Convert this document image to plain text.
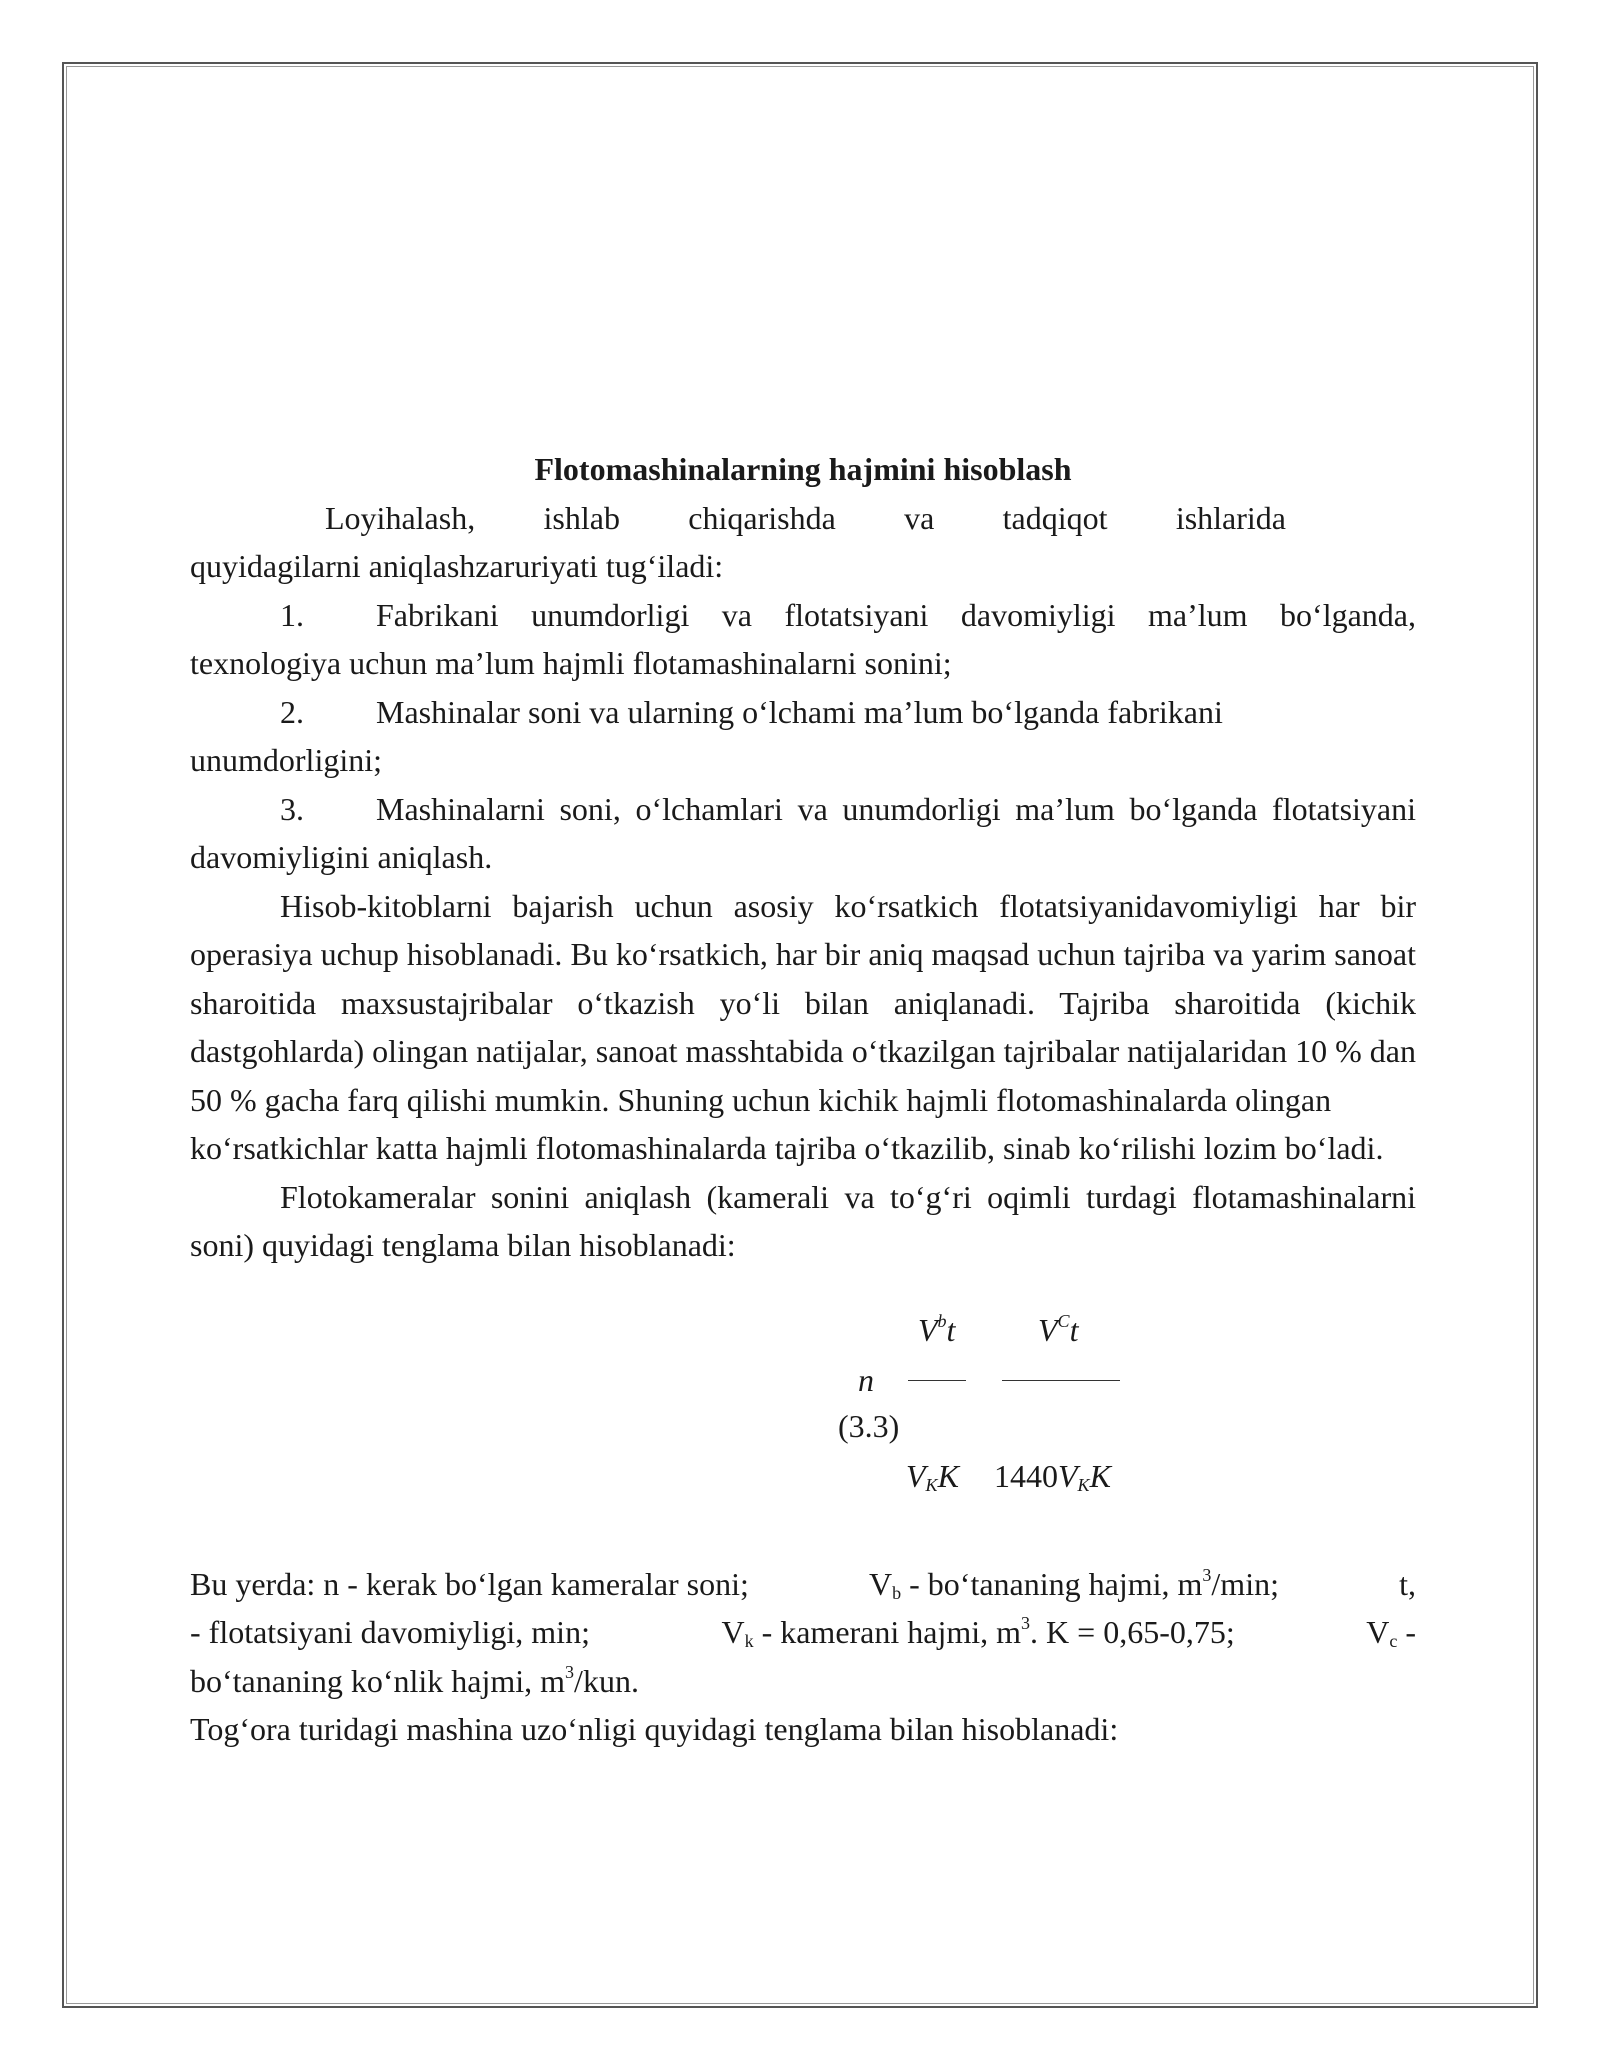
Flotomashinalarning hajmini hisoblash

Loyihalash, ishlab chiqarishda va tadqiqot ishlarida
quyidagilarni aniqlashzaruriyati tug‘iladi:

1. Fabrikani unumdorligi va flotatsiyani davomiyligi ma’lum bo‘lganda, texnologiya uchun ma’lum hajmli flotamashinalarni sonini;

2. Mashinalar soni va ularning o‘lchami ma’lum bo‘lganda fabrikani unumdorligini;

3. Mashinalarni soni, o‘lchamlari va unumdorligi ma’lum bo‘lganda flotatsiyani davomiyligini aniqlash.

Hisob-kitoblarni bajarish uchun asosiy ko‘rsatkich flotatsiyanidavomiyligi har bir operasiya uchup hisoblanadi. Bu ko‘rsatkich, har bir aniq maqsad uchun tajriba va yarim sanoat sharoitida maxsustajribalar o‘tkazish yo‘li bilan aniqlanadi. Tajriba sharoitida (kichik dastgohlarda) olingan natijalar, sanoat masshtabida o‘tkazilgan tajribalar natijalaridan 10 % dan 50 % gacha farq qilishi mumkin. Shuning uchun kichik hajmli flotomashinalarda olingan

ko‘rsatkichlar katta hajmli flotomashinalarda tajriba o‘tkazilib, sinab ko‘rilishi lozim bo‘ladi.

Flotokameralar sonini aniqlash (kamerali va to‘g‘ri oqimli turdagi flotamashinalarni soni) quyidagi tenglama bilan hisoblanadi:

$V^bt$	$V^Ct$
n
(3.3)
$V_KK$ $1440V_KK$

Bu yerda: n - kerak bo‘lgan kameralar soni;	$V_b$ - bo‘tananing hajmi, $m^3/\min$;	t,

- flotatsiyani davomiyligi, min;	$V_k$ - kamerani hajmi, $m^3$. K = 0,65-0,75;	$V_c$ -

bo‘tananing ko‘nlik hajmi, $m^3$/kun.

Tog‘ora turidagi mashina uzo‘nligi quyidagi tenglama bilan hisoblanadi:
